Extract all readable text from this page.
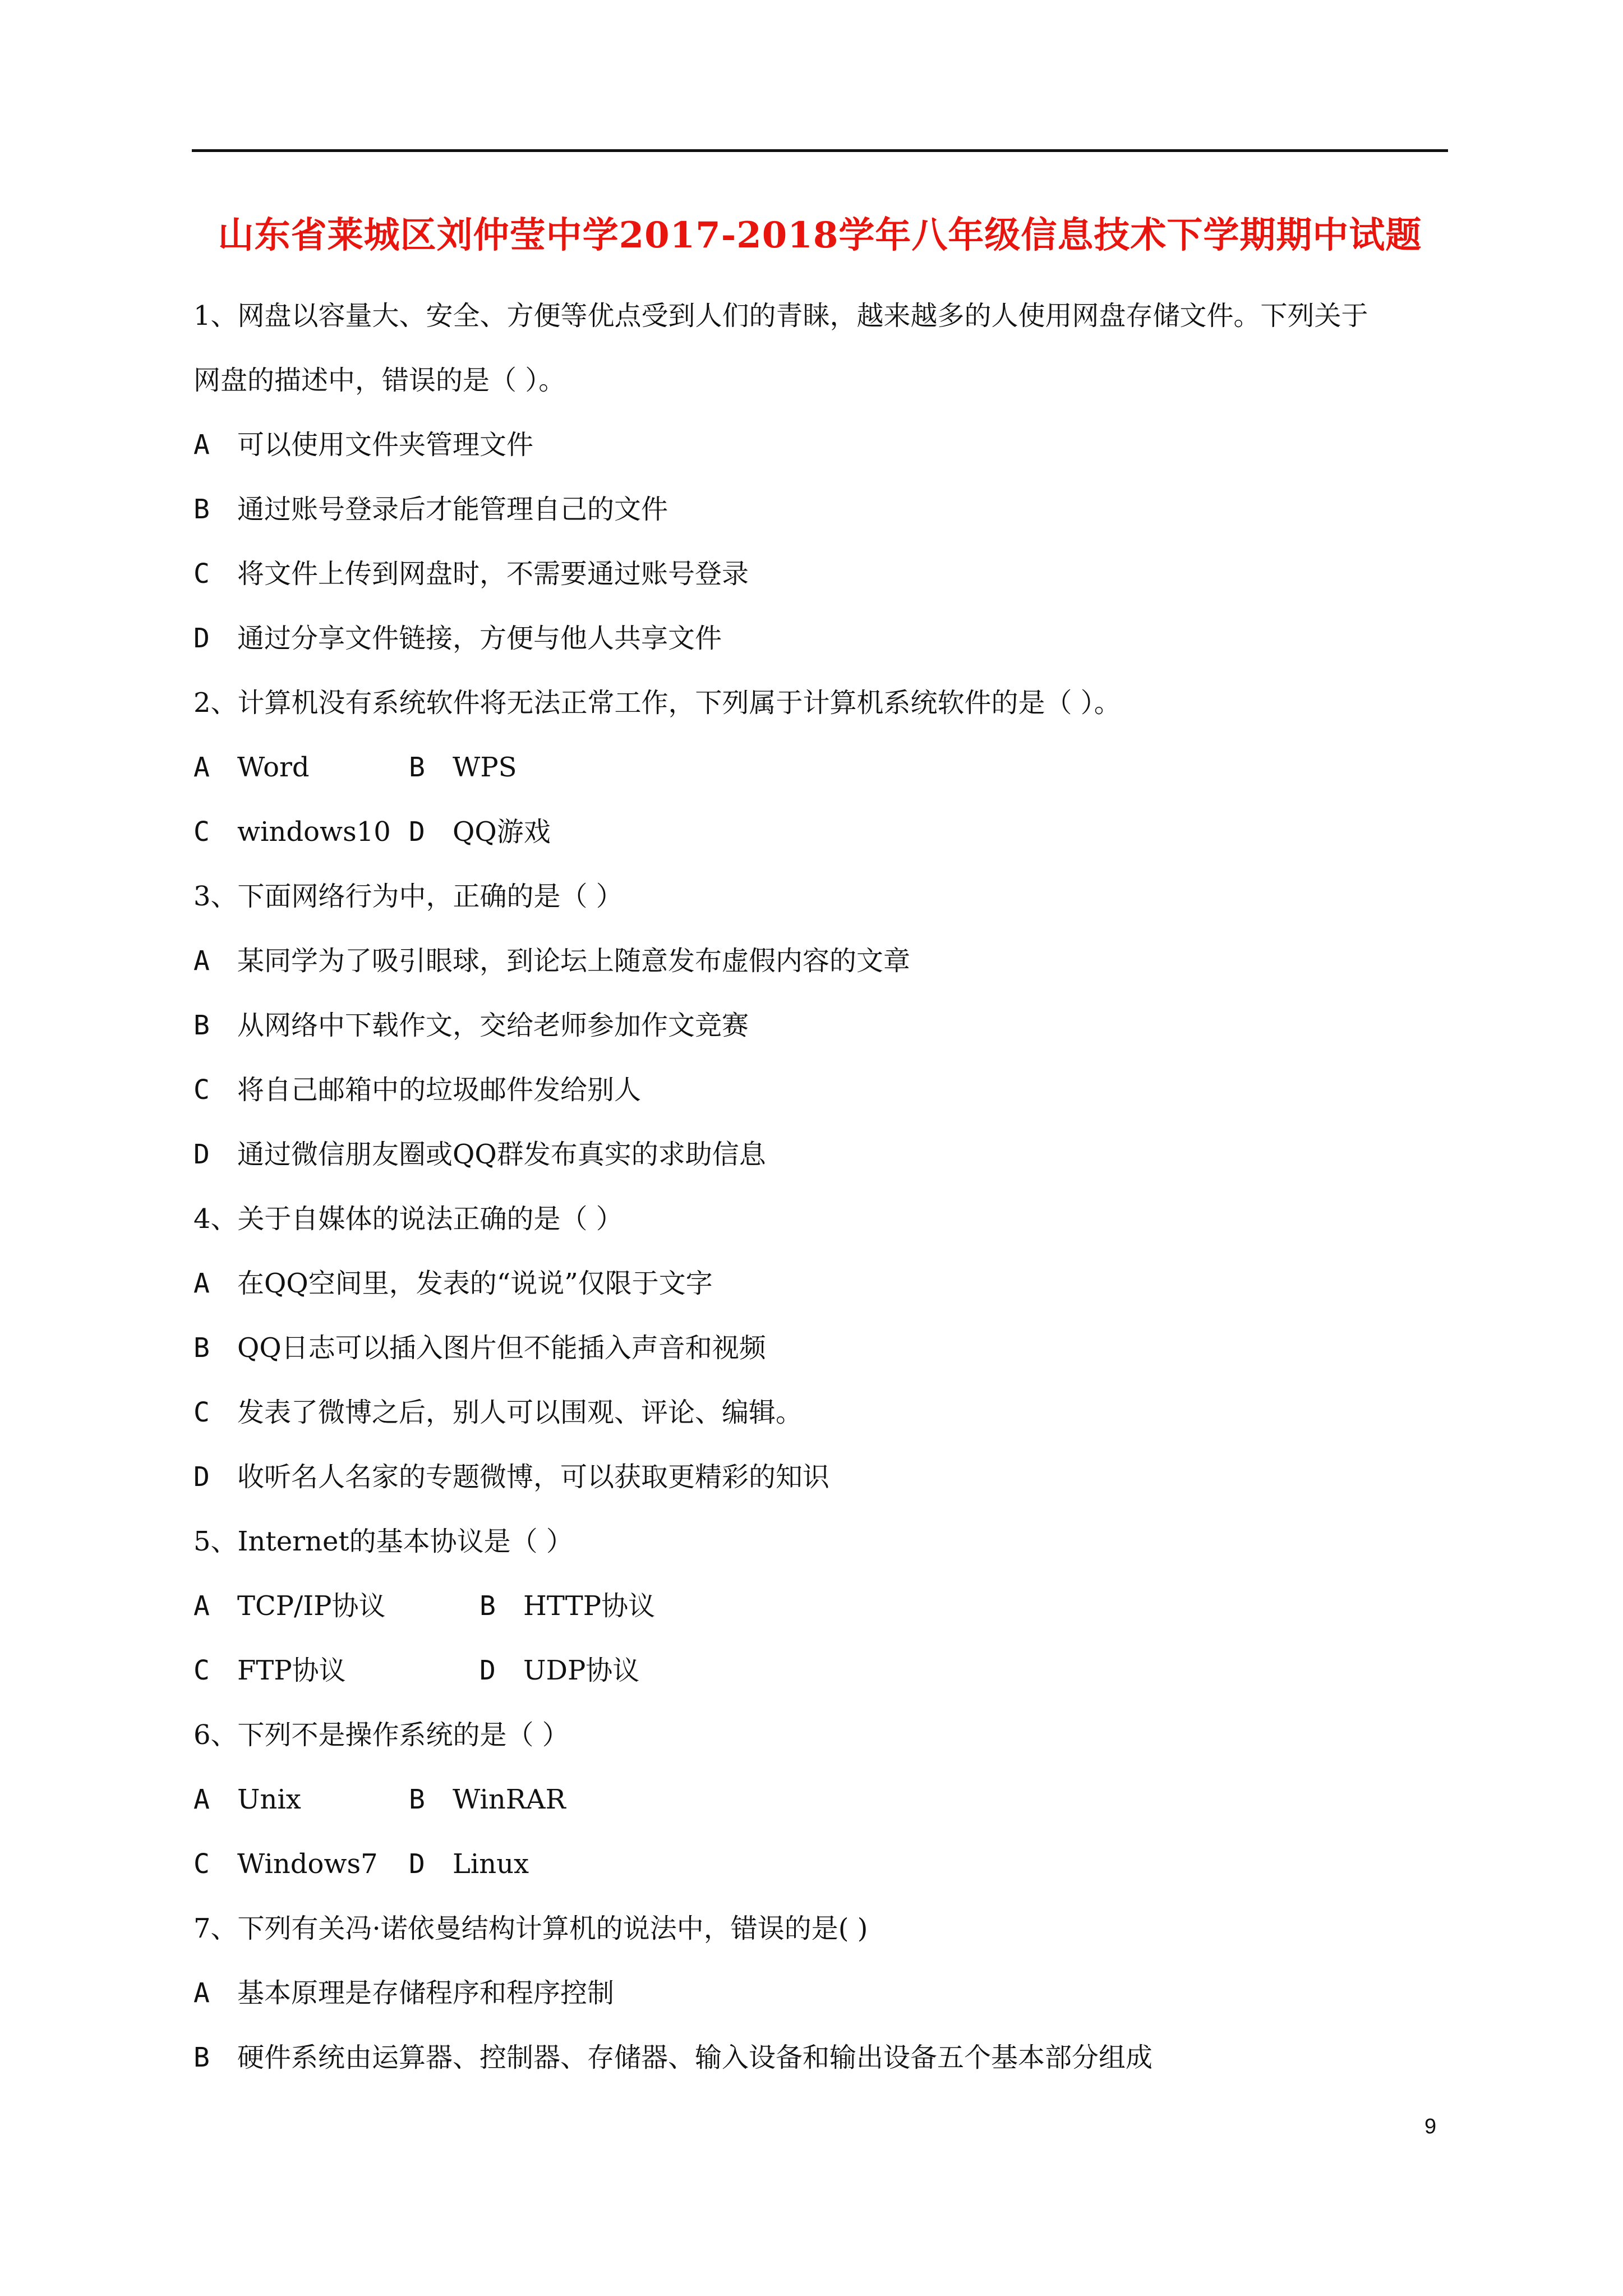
山东省莱城区刘仲莹中学2017-2018学年八年级信息技术下学期期中试题
1、网盘以容量大、安全、方便等优点受到人们的青睐，越来越多的人使用网盘存储文件。下列关于
网盘的描述中，错误的是（ ）。
A 可以使用文件夹管理文件
B 通过账号登录后才能管理自己的文件
C 将文件上传到网盘时，不需要通过账号登录
D 通过分享文件链接，方便与他人共享文件
2、计算机没有系统软件将无法正常工作，下列属于计算机系统软件的是（ ）。
A	Word	B	WPS
C	windows10 D	QQ游戏
3、下面网络行为中，正确的是（ ）
A 某同学为了吸引眼球，到论坛上随意发布虚假内容的文章
B 从网络中下载作文，交给老师参加作文竞赛
C 将自己邮箱中的垃圾邮件发给别人
D 通过微信朋友圈或QQ群发布真实的求助信息
4、关于自媒体的说法正确的是（ ）
A 在QQ空间里，发表的“说说”仅限于文字
B QQ日志可以插入图片但不能插入声音和视频
C 发表了微博之后，别人可以围观、评论、编辑。
D 收听名人名家的专题微博，可以获取更精彩的知识
5、Internet的基本协议是（ ）
A	TCP/IP协议	B	HTTP协议
C	FTP协议	D	UDP协议
6、下列不是操作系统的是（ ）
A	Unix	B	WinRAR
C	Windows7 D	Linux
7、下列有关冯·诺依曼结构计算机的说法中，错误的是( )
A 基本原理是存储程序和程序控制
B 硬件系统由运算器、控制器、存储器、输入设备和输出设备五个基本部分组成
9
